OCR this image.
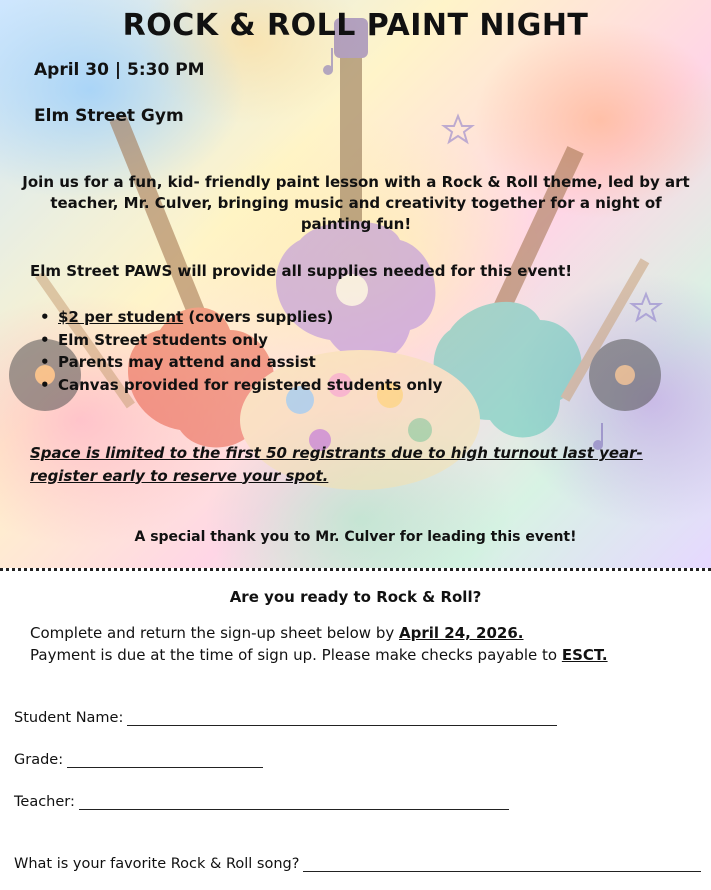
ROCK & ROLL PAINT NIGHT
April 30 | 5:30 PM
Elm Street Gym
Join us for a fun, kid- friendly paint lesson with a Rock & Roll theme, led by art teacher, Mr. Culver, bringing music and creativity together for a night of painting fun!
Elm Street PAWS will provide all supplies needed for this event!
• $2 per student (covers supplies)
• Elm Street students only
• Parents may attend and assist
• Canvas provided for registered students only
Space is limited to the first 50 registrants due to high turnout last year- register early to reserve your spot.
A special thank you to Mr. Culver for leading this event!
Are you ready to Rock & Roll?
Complete and return the sign-up sheet below by April 24, 2026.
Payment is due at the time of sign up. Please make checks payable to ESCT.
Student Name:
Grade:
Teacher:
What is your favorite Rock & Roll song?
